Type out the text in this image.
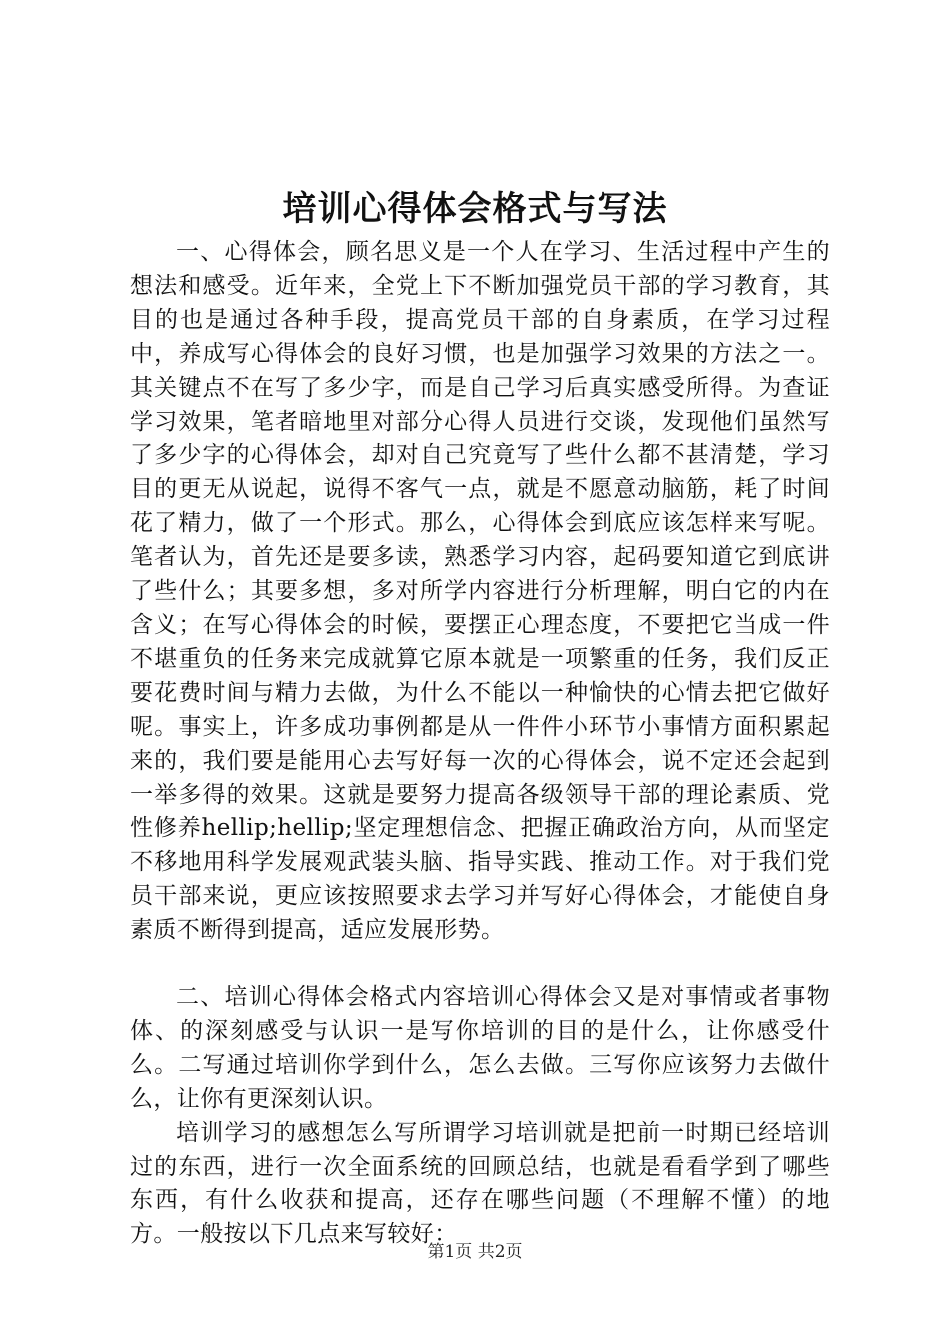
培训心得体会格式与写法

一、心得体会，顾名思义是一个人在学习、生活过程中产生的想法和感受。近年来，全党上下不断加强党员干部的学习教育，其目的也是通过各种手段，提高党员干部的自身素质，在学习过程中，养成写心得体会的良好习惯，也是加强学习效果的方法之一。其关键点不在写了多少字，而是自己学习后真实感受所得。为查证学习效果，笔者暗地里对部分心得人员进行交谈，发现他们虽然写了多少字的心得体会，却对自己究竟写了些什么都不甚清楚，学习目的更无从说起，说得不客气一点，就是不愿意动脑筋，耗了时间花了精力，做了一个形式。那么，心得体会到底应该怎样来写呢。笔者认为，首先还是要多读，熟悉学习内容，起码要知道它到底讲了些什么；其要多想，多对所学内容进行分析理解，明白它的内在含义；在写心得体会的时候，要摆正心理态度，不要把它当成一件不堪重负的任务来完成就算它原本就是一项繁重的任务，我们反正要花费时间与精力去做，为什么不能以一种愉快的心情去把它做好呢。事实上，许多成功事例都是从一件件小环节小事情方面积累起来的，我们要是能用心去写好每一次的心得体会，说不定还会起到一举多得的效果。这就是要努力提高各级领导干部的理论素质、党性修养hellip;hellip;坚定理想信念、把握正确政治方向，从而坚定不移地用科学发展观武装头脑、指导实践、推动工作。对于我们党员干部来说，更应该按照要求去学习并写好心得体会，才能使自身素质不断得到提高，适应发展形势。

二、培训心得体会格式内容培训心得体会又是对事情或者事物体、的深刻感受与认识一是写你培训的目的是什么，让你感受什么。二写通过培训你学到什么，怎么去做。三写你应该努力去做什么，让你有更深刻认识。

培训学习的感想怎么写所谓学习培训就是把前一时期已经培训过的东西，进行一次全面系统的回顾总结，也就是看看学到了哪些东西，有什么收获和提高，还存在哪些问题（不理解不懂）的地方。一般按以下几点来写较好：

第1页 共2页
